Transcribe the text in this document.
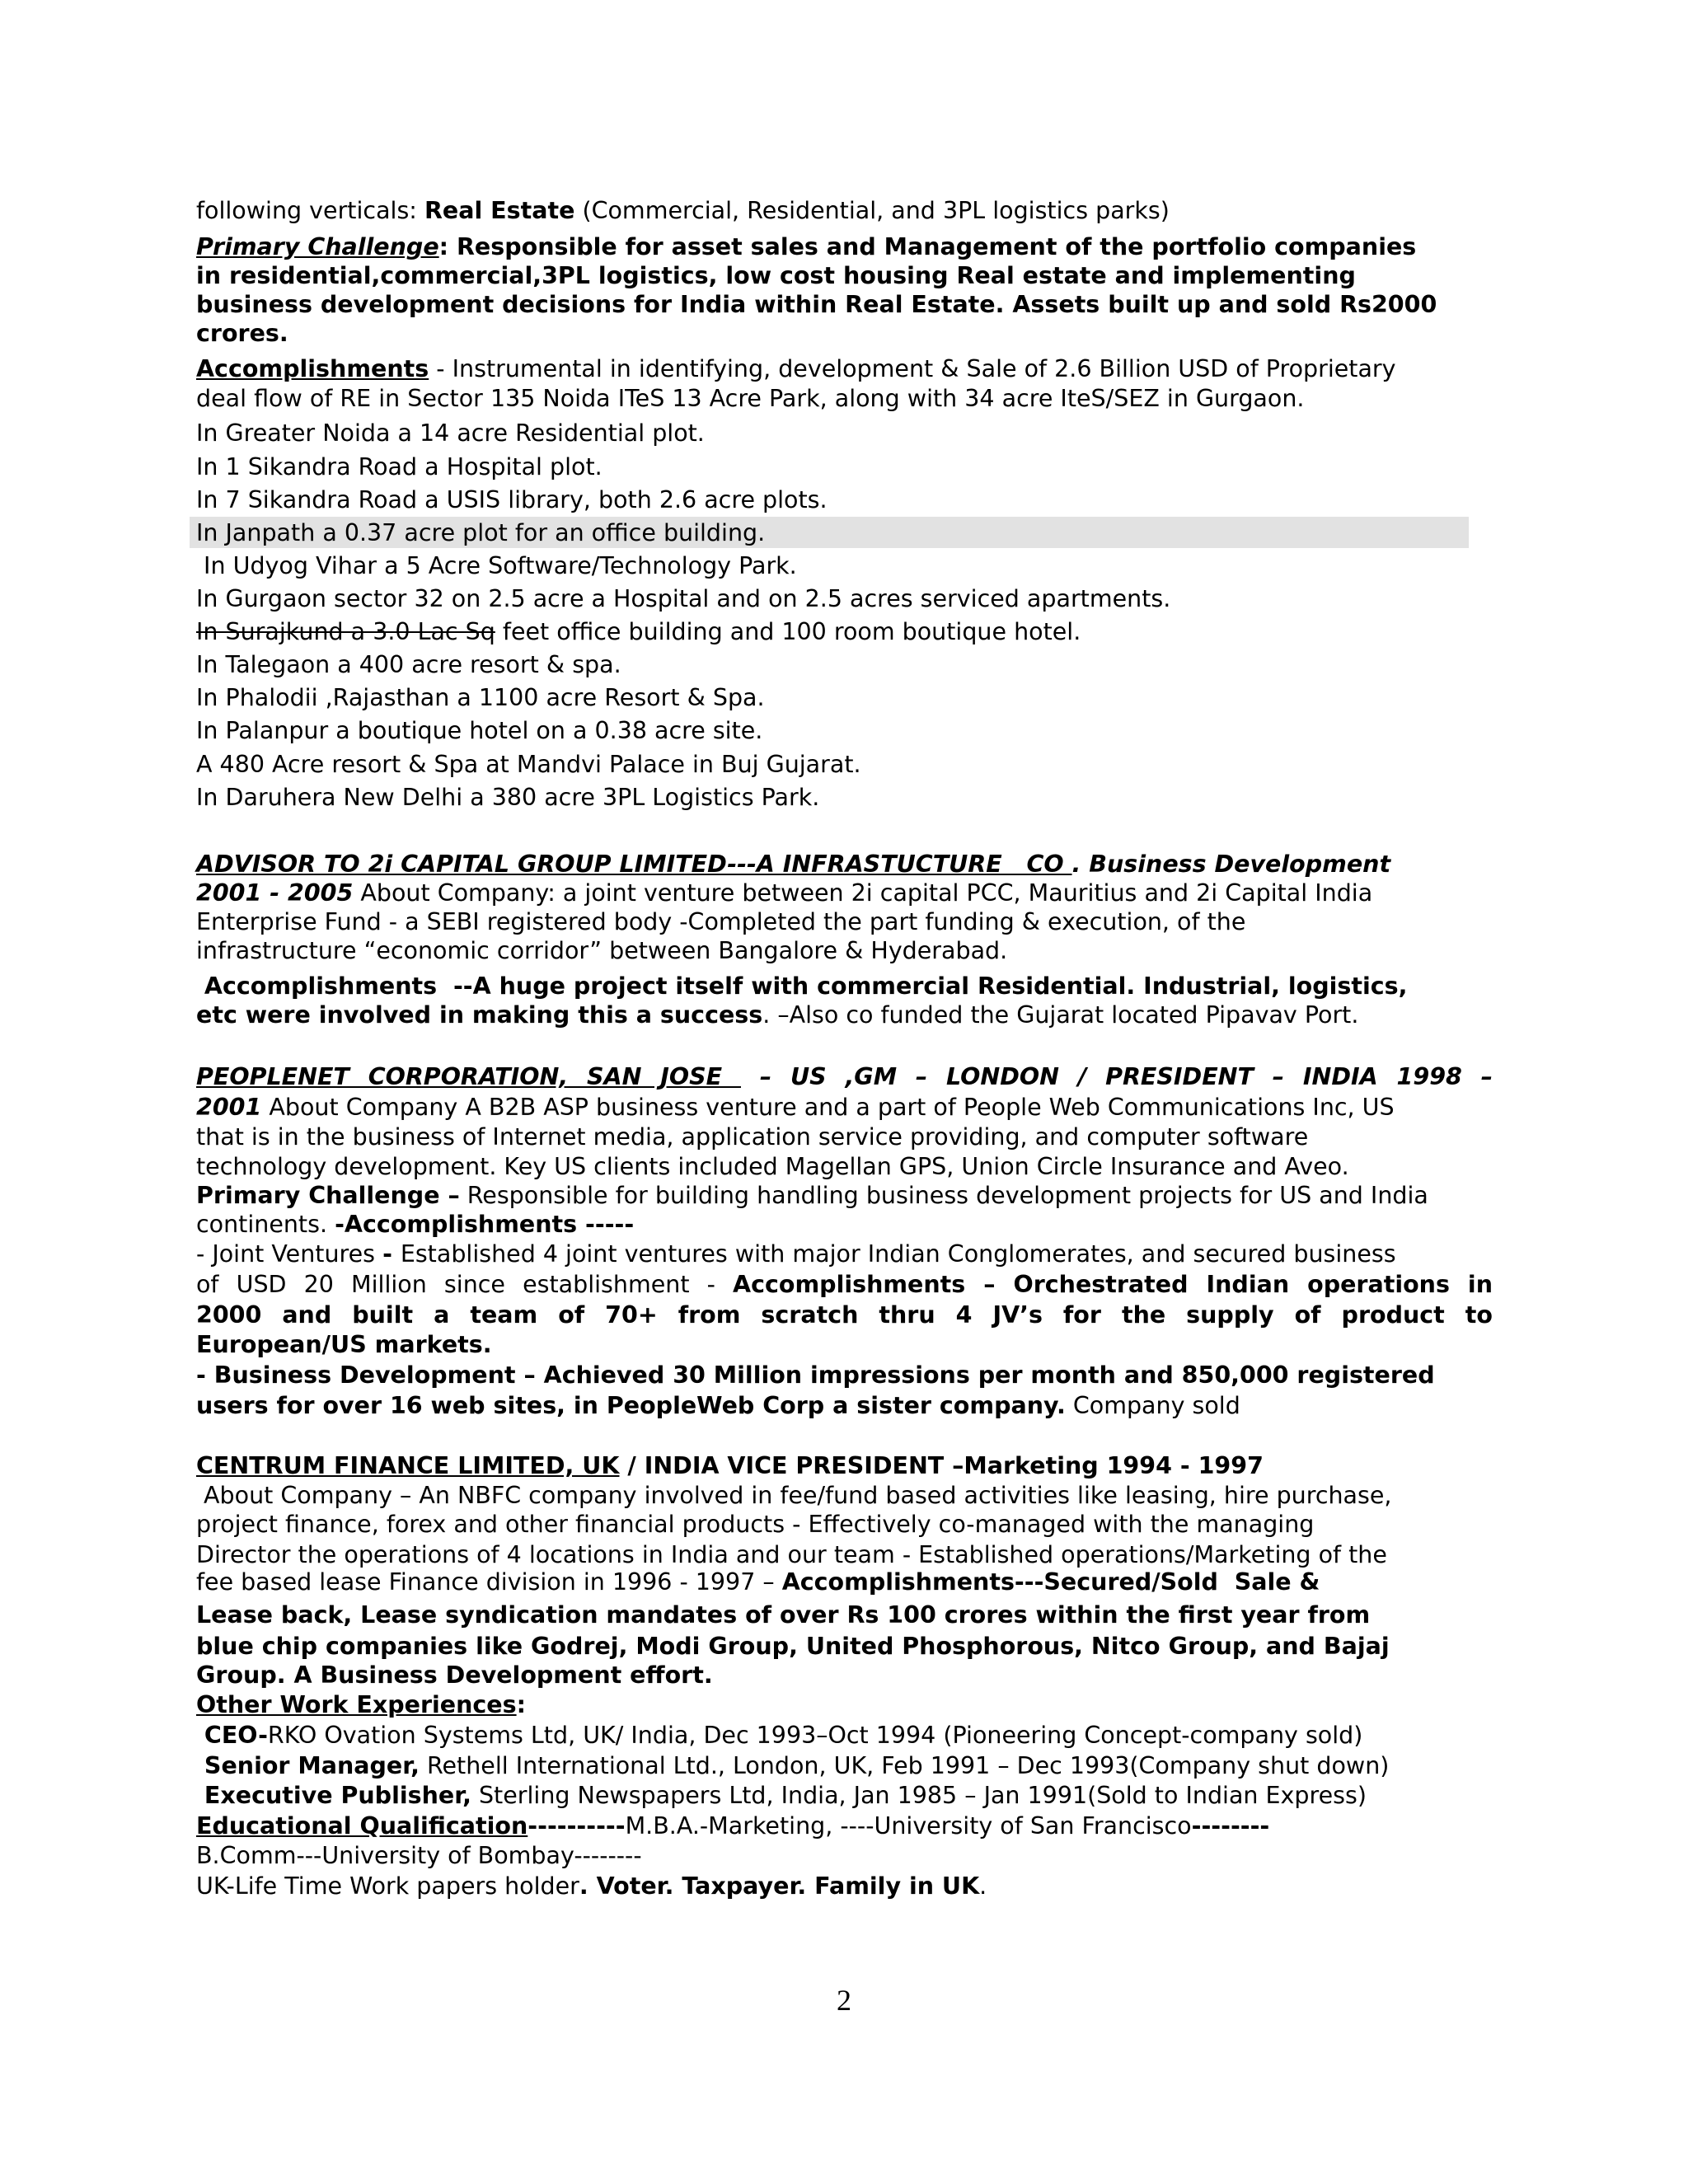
following verticals: Real Estate (Commercial, Residential, and 3PL logistics parks)
Primary Challenge: Responsible for asset sales and Management of the portfolio companies
in residential,commercial,3PL logistics, low cost housing Real estate and implementing
business development decisions for India within Real Estate. Assets built up and sold Rs2000
crores.
Accomplishments - Instrumental in identifying, development & Sale of 2.6 Billion USD of Proprietary
deal flow of RE in Sector 135 Noida ITeS 13 Acre Park, along with 34 acre IteS/SEZ in Gurgaon.
In Greater Noida a 14 acre Residential plot.
In 1 Sikandra Road a Hospital plot.
In 7 Sikandra Road a USIS library, both 2.6 acre plots.
In Janpath a 0.37 acre plot for an office building.
In Udyog Vihar a 5 Acre Software/Technology Park.
In Gurgaon sector 32 on 2.5 acre a Hospital and on 2.5 acres serviced apartments.
In Surajkund a 3.0 Lac Sq feet office building and 100 room boutique hotel.
In Talegaon a 400 acre resort & spa.
In Phalodii ,Rajasthan a 1100 acre Resort & Spa.
In Palanpur a boutique hotel on a 0.38 acre site.
A 480 Acre resort & Spa at Mandvi Palace in Buj Gujarat.
In Daruhera New Delhi a 380 acre 3PL Logistics Park.
ADVISOR TO 2i CAPITAL GROUP LIMITED---A INFRASTUCTURE   CO . Business Development
2001 - 2005 About Company: a joint venture between 2i capital PCC, Mauritius and 2i Capital India
Enterprise Fund - a SEBI registered body -Completed the part funding & execution, of the
infrastructure “economic corridor” between Bangalore & Hyderabad.
Accomplishments  --A huge project itself with commercial Residential. Industrial, logistics,
etc were involved in making this a success. –Also co funded the Gujarat located Pipavav Port.
PEOPLENET CORPORATION, SAN JOSE  – US ,GM – LONDON / PRESIDENT – INDIA 1998 –
2001 About Company A B2B ASP business venture and a part of People Web Communications Inc, US
that is in the business of Internet media, application service providing, and computer software
technology development. Key US clients included Magellan GPS, Union Circle Insurance and Aveo.
Primary Challenge – Responsible for building handling business development projects for US and India
continents. -Accomplishments -----
- Joint Ventures - Established 4 joint ventures with major Indian Conglomerates, and secured business
of USD 20 Million since establishment - Accomplishments – Orchestrated Indian operations in
2000 and built a team of 70+ from scratch thru 4 JV’s for the supply of product to
European/US markets.
- Business Development – Achieved 30 Million impressions per month and 850,000 registered
users for over 16 web sites, in PeopleWeb Corp a sister company. Company sold
CENTRUM FINANCE LIMITED, UK / INDIA VICE PRESIDENT –Marketing 1994 - 1997
About Company – An NBFC company involved in fee/fund based activities like leasing, hire purchase,
project finance, forex and other financial products - Effectively co-managed with the managing
Director the operations of 4 locations in India and our team - Established operations/Marketing of the
fee based lease Finance division in 1996 - 1997 – Accomplishments---Secured/Sold  Sale &
Lease back, Lease syndication mandates of over Rs 100 crores within the first year from
blue chip companies like Godrej, Modi Group, United Phosphorous, Nitco Group, and Bajaj
Group. A Business Development effort.
Other Work Experiences:
CEO-RKO Ovation Systems Ltd, UK/ India, Dec 1993–Oct 1994 (Pioneering Concept-company sold)
Senior Manager, Rethell International Ltd., London, UK, Feb 1991 – Dec 1993(Company shut down)
Executive Publisher, Sterling Newspapers Ltd, India, Jan 1985 – Jan 1991(Sold to Indian Express)
Educational Qualification----------M.B.A.-Marketing, ----University of San Francisco--------
B.Comm---University of Bombay--------
UK-Life Time Work papers holder. Voter. Taxpayer. Family in UK.
2
